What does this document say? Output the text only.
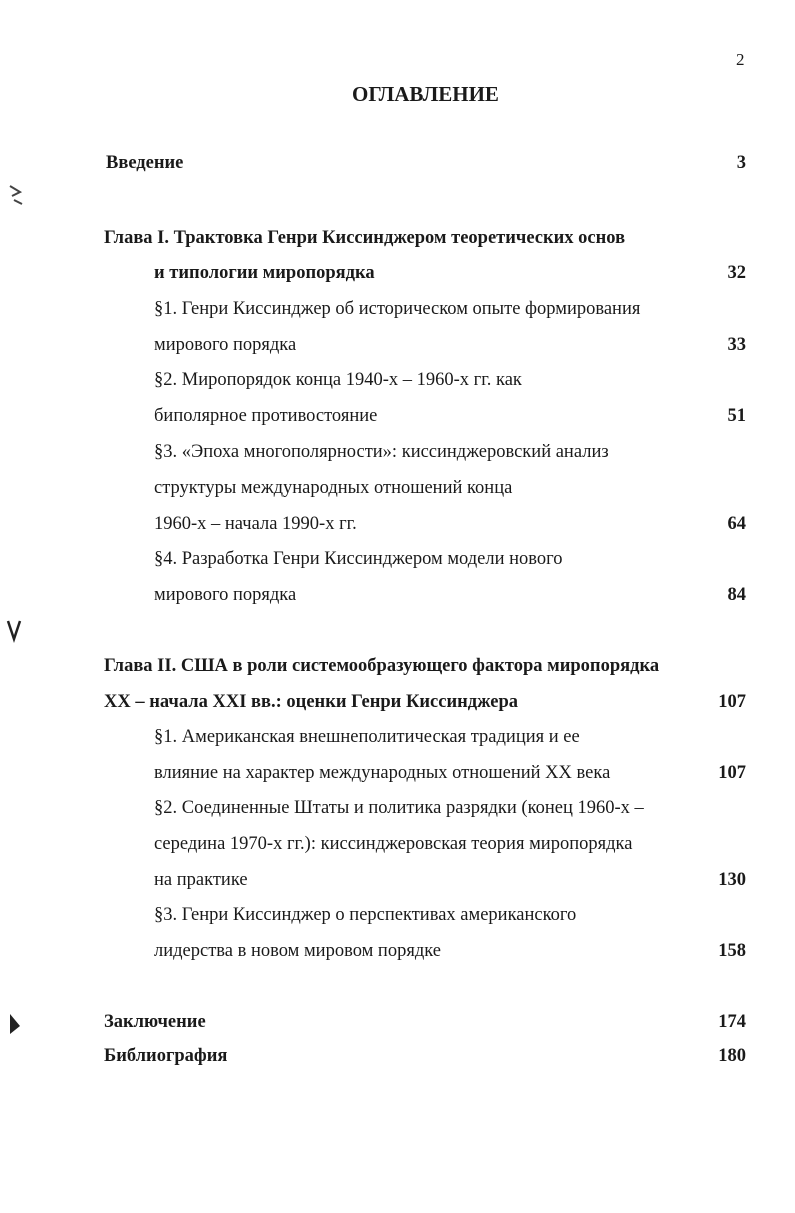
2
ОГЛАВЛЕНИЕ
Введение	3
Глава I. Трактовка Генри Киссинджером теоретических основ
и типологии миропорядка	32
§1. Генри Киссинджер об историческом опыте формирования
мирового порядка	33
§2. Миропорядок конца 1940-х – 1960-х гг. как
биполярное противостояние	51
§3. «Эпоха многополярности»: киссинджеровский анализ
структуры международных отношений конца
1960-х – начала 1990-х гг.	64
§4. Разработка Генри Киссинджером модели нового
мирового порядка	84
Глава II. США в роли системообразующего фактора миропорядка
XX – начала XXI вв.: оценки Генри Киссинджера	107
§1. Американская внешнеполитическая традиция и ее
влияние на характер международных отношений XX века	107
§2. Соединенные Штаты и политика разрядки (конец 1960-х –
середина 1970-х гг.): киссинджеровская теория миропорядка
на практике	130
§3. Генри Киссинджер о перспективах американского
лидерства в новом мировом порядке	158
Заключение	174
Библиография	180
